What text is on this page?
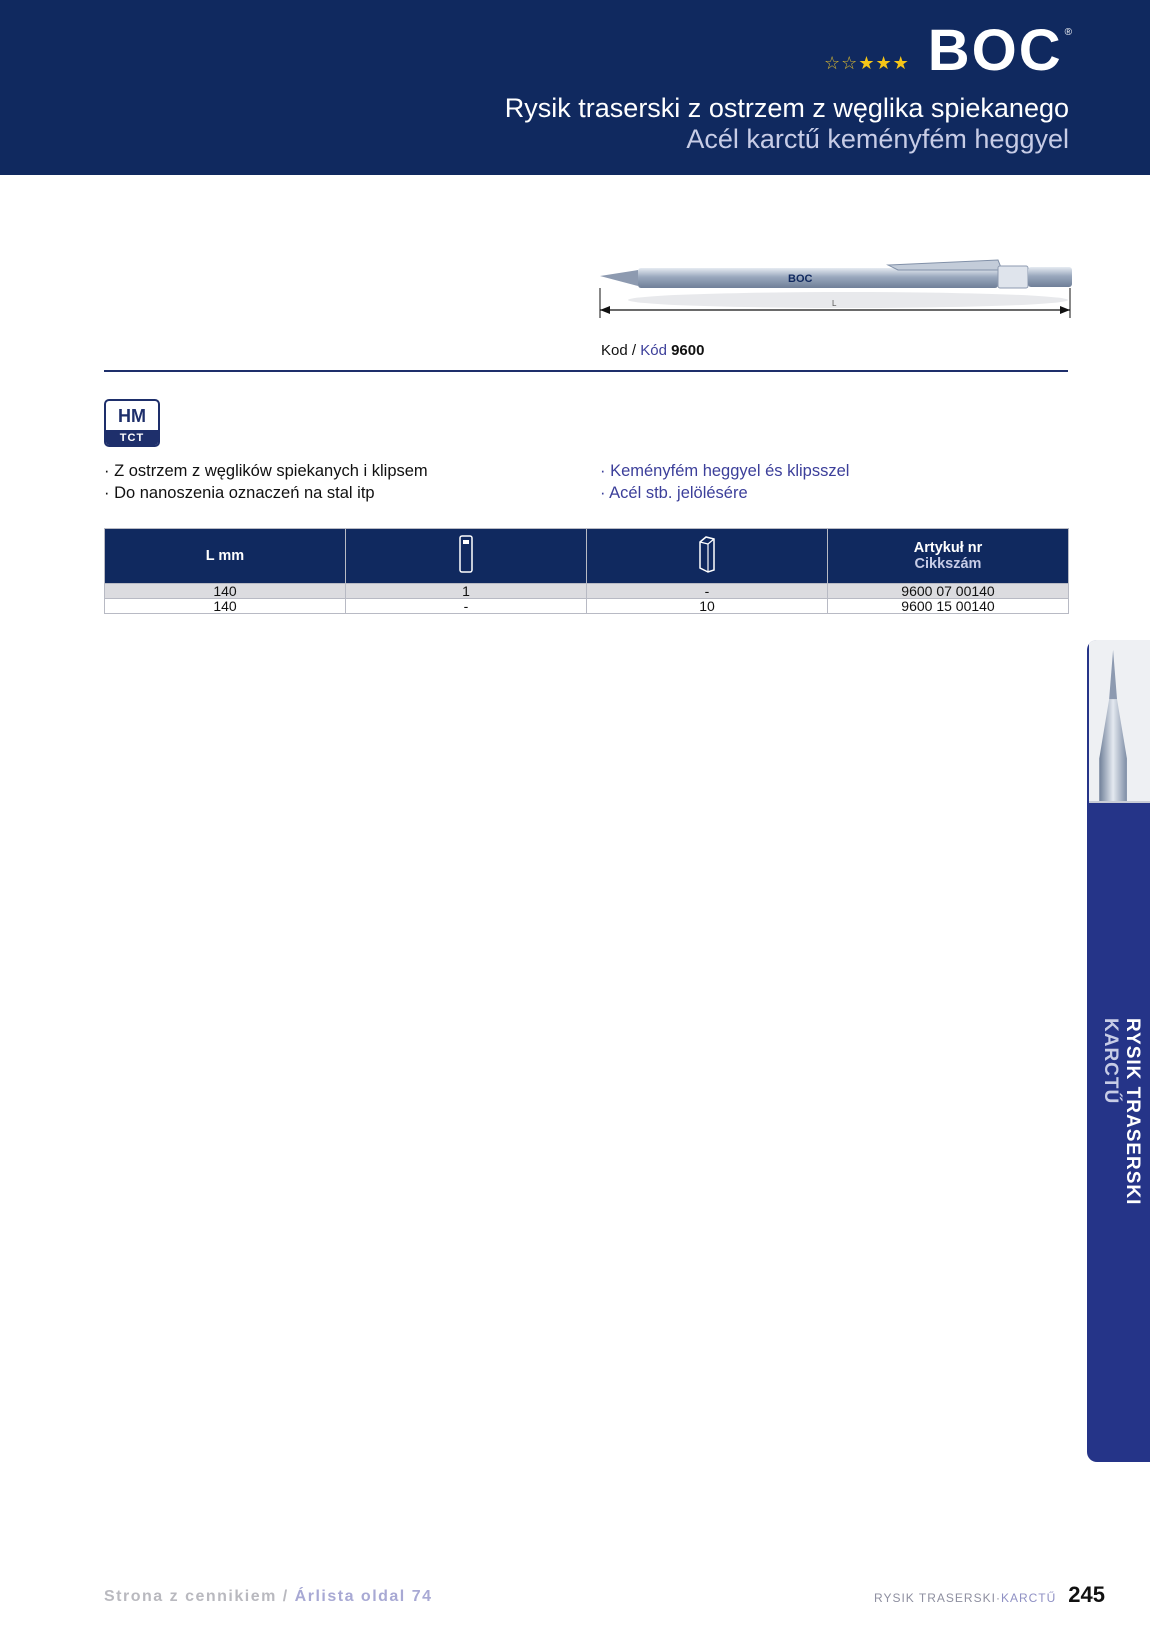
☆☆★★★ BOC ®
Rysik traserski z ostrzem z węglika spiekanego
Acél karctű keményfém heggyel
BOC
L
Kod / Kód 9600
HM
TCT
· Z ostrzem z węglików spiekanych i klipsem
· Do nanoszenia oznaczeń na stal itp
· Keményfém heggyel és klipsszel
· Acél stb. jelölésére
L mm			Artykuł nr
Cikkszám

140	1	-	9600 07 00140
140	-	10	9600 15 00140
RYSIK TRASERSKI
KARCTŰ
Strona z cennikiem / Árlista oldal 74	RYSIK TRASERSKI·KARCTŰ 245
